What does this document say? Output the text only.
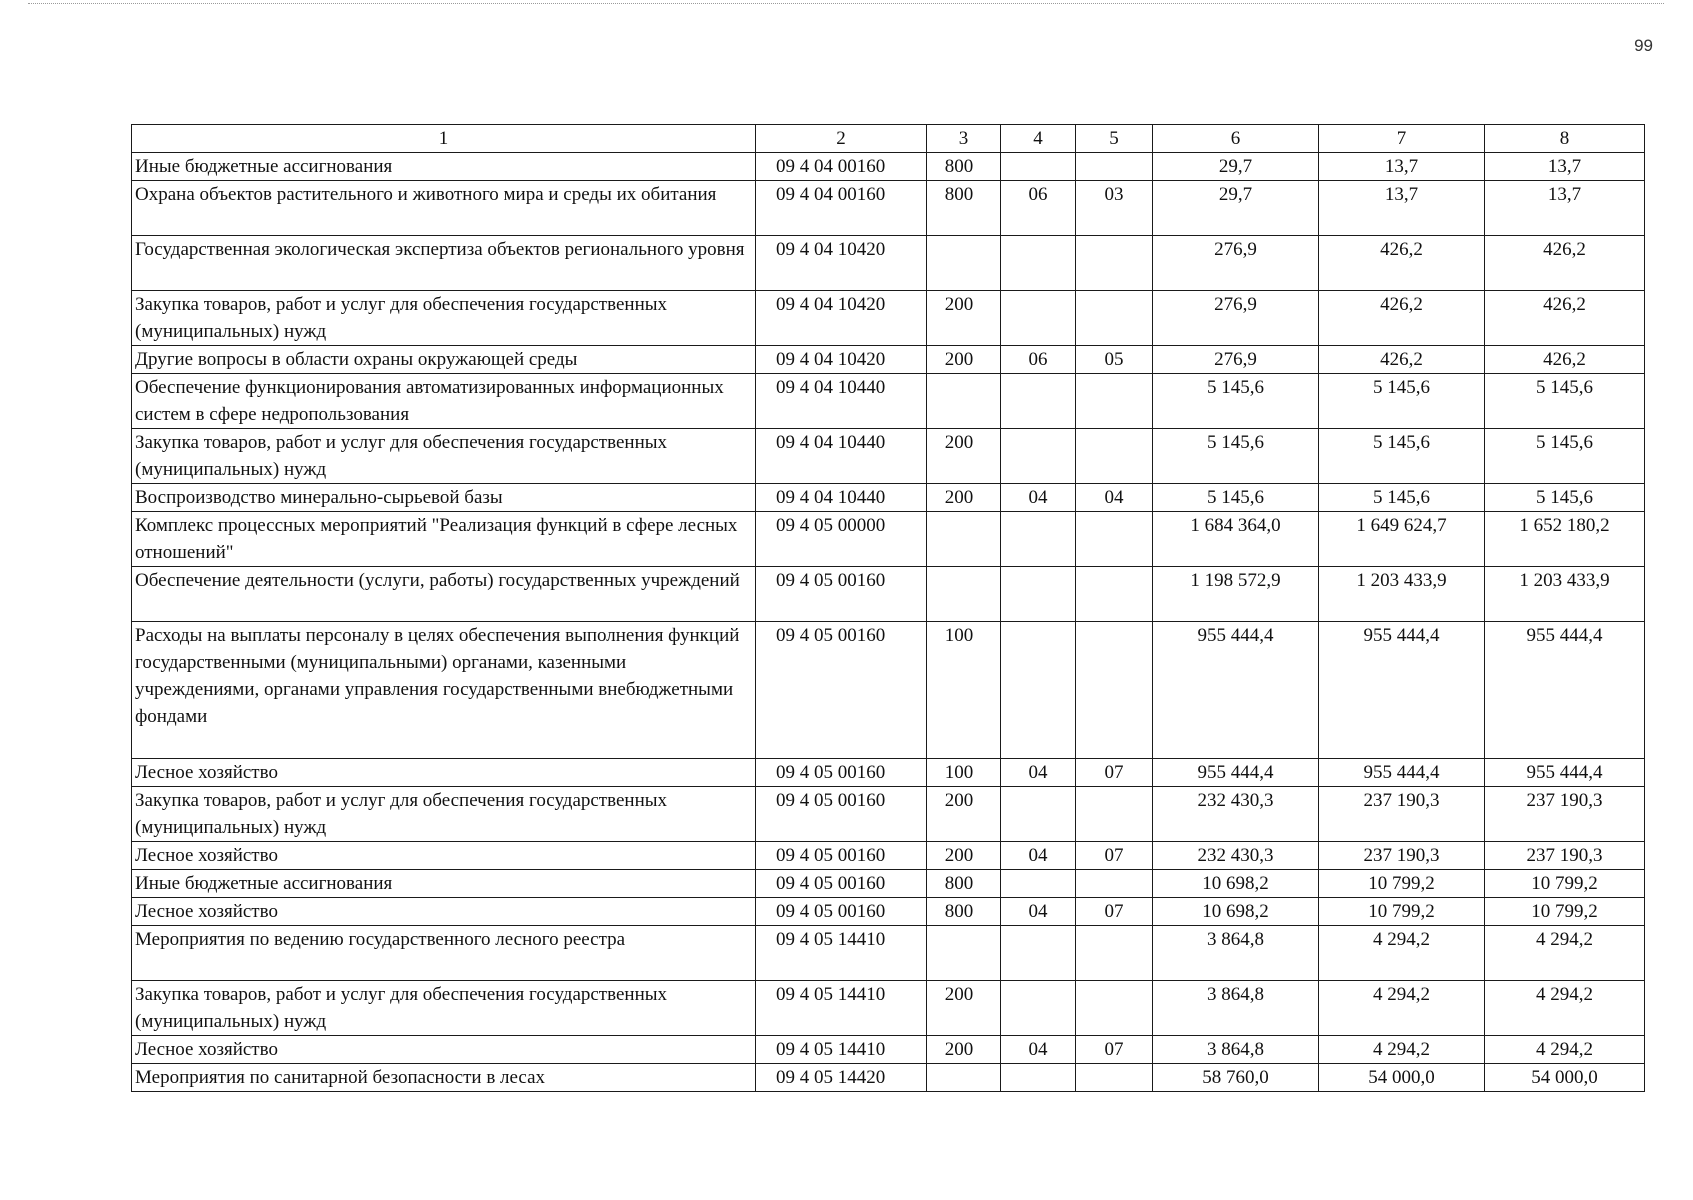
99
1	2	3	4	5	6	7	8
Иные бюджетные ассигнования	09 4 04 00160	800			29,7	13,7	13,7
Охрана объектов растительного и животного мира и среды их обитания	09 4 04 00160	800	06	03	29,7	13,7	13,7
Государственная экологическая экспертиза объектов регионального уровня	09 4 04 10420				276,9	426,2	426,2
Закупка товаров, работ и услуг для обеспечения государственных (муниципальных) нужд	09 4 04 10420	200			276,9	426,2	426,2
Другие вопросы в области охраны окружающей среды	09 4 04 10420	200	06	05	276,9	426,2	426,2
Обеспечение функционирования автоматизированных информационных систем в сфере недропользования	09 4 04 10440				5 145,6	5 145,6	5 145,6
Закупка товаров, работ и услуг для обеспечения государственных (муниципальных) нужд	09 4 04 10440	200			5 145,6	5 145,6	5 145,6
Воспроизводство минерально-сырьевой базы	09 4 04 10440	200	04	04	5 145,6	5 145,6	5 145,6
Комплекс процессных мероприятий "Реализация функций в сфере лесных отношений"	09 4 05 00000				1 684 364,0	1 649 624,7	1 652 180,2
Обеспечение деятельности (услуги, работы) государственных учреждений	09 4 05 00160				1 198 572,9	1 203 433,9	1 203 433,9
Расходы на выплаты персоналу в целях обеспечения выполнения функций государственными (муниципальными) органами, казенными учреждениями, органами управления государственными внебюджетными фондами	09 4 05 00160	100			955 444,4	955 444,4	955 444,4
Лесное хозяйство	09 4 05 00160	100	04	07	955 444,4	955 444,4	955 444,4
Закупка товаров, работ и услуг для обеспечения государственных (муниципальных) нужд	09 4 05 00160	200			232 430,3	237 190,3	237 190,3
Лесное хозяйство	09 4 05 00160	200	04	07	232 430,3	237 190,3	237 190,3
Иные бюджетные ассигнования	09 4 05 00160	800			10 698,2	10 799,2	10 799,2
Лесное хозяйство	09 4 05 00160	800	04	07	10 698,2	10 799,2	10 799,2
Мероприятия по ведению государственного лесного реестра	09 4 05 14410				3 864,8	4 294,2	4 294,2
Закупка товаров, работ и услуг для обеспечения государственных (муниципальных) нужд	09 4 05 14410	200			3 864,8	4 294,2	4 294,2
Лесное хозяйство	09 4 05 14410	200	04	07	3 864,8	4 294,2	4 294,2
Мероприятия по санитарной безопасности в лесах	09 4 05 14420				58 760,0	54 000,0	54 000,0
